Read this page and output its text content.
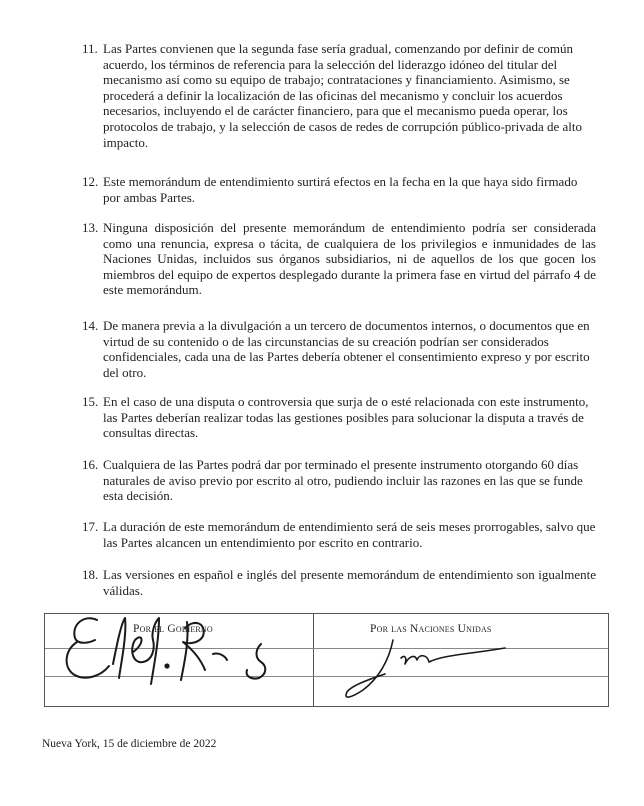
11. Las Partes convienen que la segunda fase sería gradual, comenzando por definir de común acuerdo, los términos de referencia para la selección del liderazgo idóneo del titular del mecanismo así como su equipo de trabajo; contrataciones y financiamiento. Asimismo, se procederá a definir la localización de las oficinas del mecanismo y concluir los acuerdos necesarios, incluyendo el de carácter financiero, para que el mecanismo pueda operar, los protocolos de trabajo, y la selección de casos de redes de corrupción público-privada de alto impacto.
12. Este memorándum de entendimiento surtirá efectos en la fecha en la que haya sido firmado por ambas Partes.
13. Ninguna disposición del presente memorándum de entendimiento podría ser considerada como una renuncia, expresa o tácita, de cualquiera de los privilegios e inmunidades de las Naciones Unidas, incluidos sus órganos subsidiarios, ni de aquellos de los que gocen los miembros del equipo de expertos desplegado durante la primera fase en virtud del párrafo 4 de este memorándum.
14. De manera previa a la divulgación a un tercero de documentos internos, o documentos que en virtud de su contenido o de las circunstancias de su creación podrían ser considerados confidenciales, cada una de las Partes debería obtener el consentimiento expreso y por escrito del otro.
15. En el caso de una disputa o controversia que surja de o esté relacionada con este instrumento, las Partes deberían realizar todas las gestiones posibles para solucionar la disputa a través de consultas directas.
16. Cualquiera de las Partes podrá dar por terminado el presente instrumento otorgando 60 días naturales de aviso previo por escrito al otro, pudiendo incluir las razones en las que se funde esta decisión.
17. La duración de este memorándum de entendimiento será de seis meses prorrogables, salvo que las Partes alcancen un entendimiento por escrito en contrario.
18. Las versiones en español e inglés del presente memorándum de entendimiento son igualmente válidas.
Por el Gobierno	Por las Naciones Unidas
Nueva York, 15 de diciembre de 2022
